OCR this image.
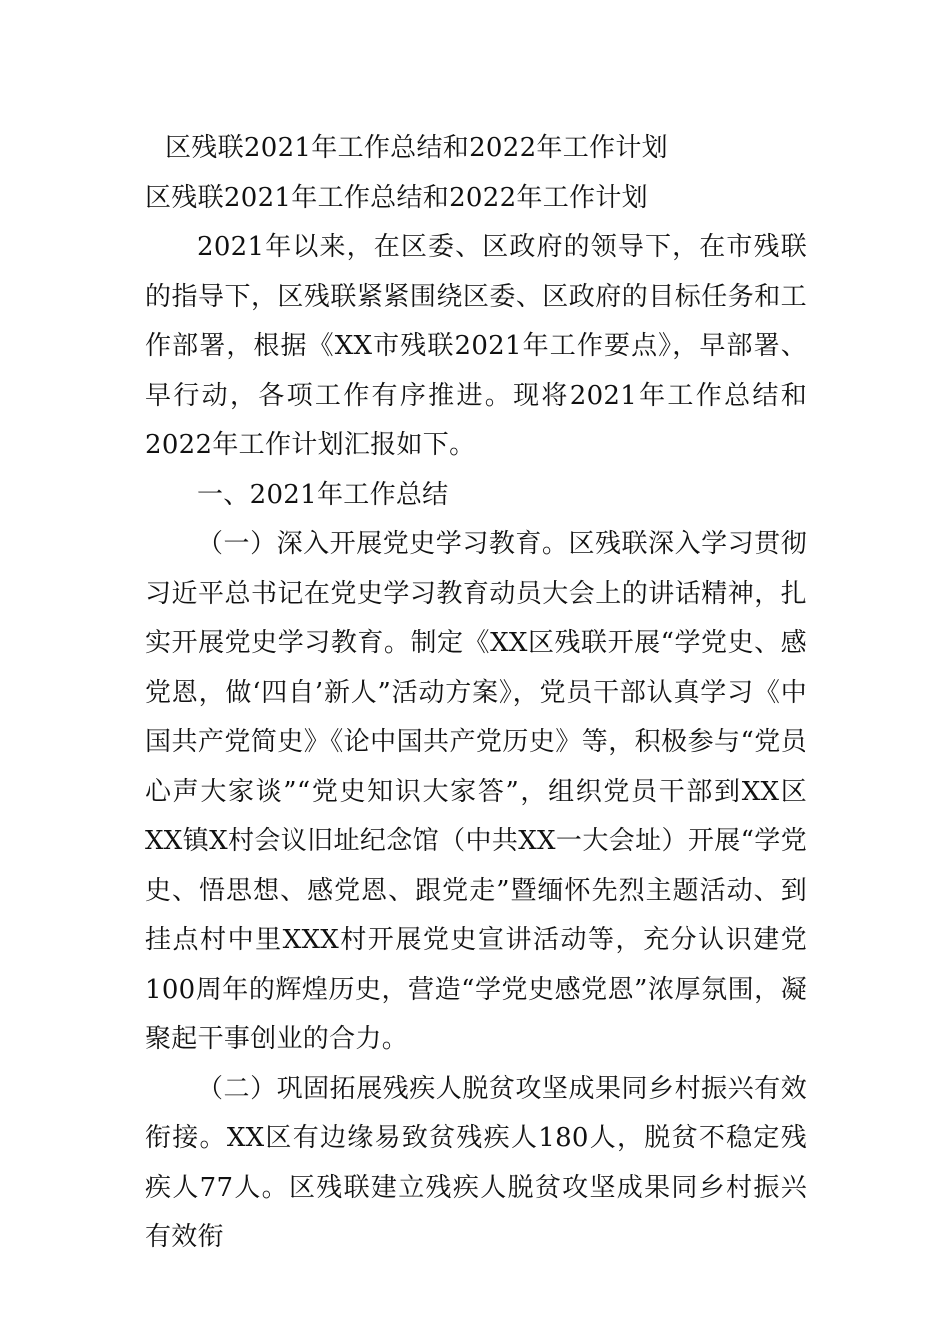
区残联2021年工作总结和2022年工作计划

区残联2021年工作总结和2022年工作计划

2021年以来，在区委、区政府的领导下，在市残联的指导下，区残联紧紧围绕区委、区政府的目标任务和工作部署，根据《XX市残联2021年工作要点》，早部署、早行动，各项工作有序推进。现将2021年工作总结和2022年工作计划汇报如下。

一、2021年工作总结

（一）深入开展党史学习教育。区残联深入学习贯彻习近平总书记在党史学习教育动员大会上的讲话精神，扎实开展党史学习教育。制定《XX区残联开展“学党史、感党恩，做‘四自’新人”活动方案》，党员干部认真学习《中国共产党简史》《论中国共产党历史》等，积极参与“党员心声大家谈”“党史知识大家答”，组织党员干部到XX区XX镇X村会议旧址纪念馆（中共XX一大会址）开展“学党史、悟思想、感党恩、跟党走”暨缅怀先烈主题活动、到挂点村中里XXX村开展党史宣讲活动等，充分认识建党100周年的辉煌历史，营造“学党史感党恩”浓厚氛围，凝聚起干事创业的合力。

（二）巩固拓展残疾人脱贫攻坚成果同乡村振兴有效衔接。XX区有边缘易致贫残疾人180人，脱贫不稳定残疾人77人。区残联建立残疾人脱贫攻坚成果同乡村振兴有效衔
